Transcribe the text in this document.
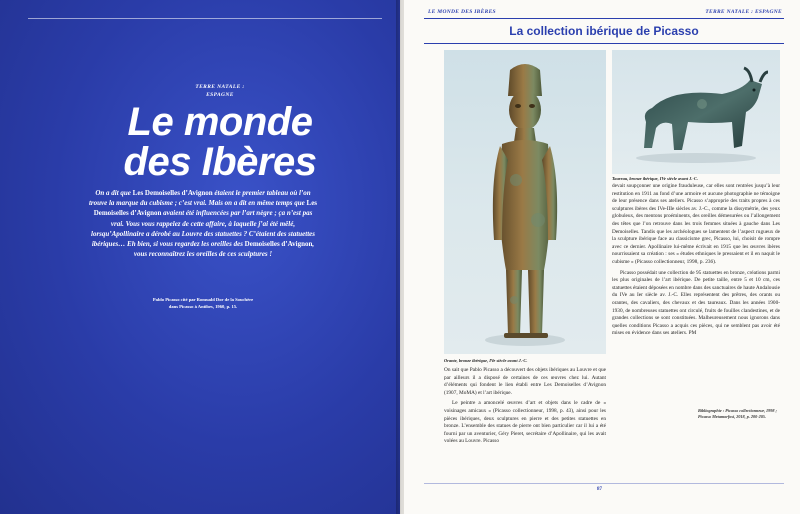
TERRE NATALE :
ESPAGNE
Le monde
des Ibères
On a dit que Les Demoiselles d’Avignon étaient le premier tableau où l’on trouve la marque du cubisme ; c’est vrai. Mais on a dit en même temps que Les Demoiselles d’Avignon avaient été influencées par l’art nègre ; ça n’est pas vrai. Vous vous rappelez de cette affaire, à laquelle j’ai été mêlé, lorsqu’Apollinaire a dérobé au Louvre des statuettes ? C’étaient des statuettes ibériques… Eh bien, si vous regardez les oreilles des Demoiselles d’Avignon, vous reconnaîtrez les oreilles de ces sculptures !
Pablo Picasso cité par Romuald Dor de la Souchère
dans Picasso à Antibes, 1960, p. 15.
LE MONDE DES IBÈRES	TERRE NATALE : ESPAGNE
La collection ibérique de Picasso
Orante, bronze ibérique, IVe siècle avant J.-C.
Taureau, bronze ibérique, IVe siècle avant J.-C.

On sait que Pablo Picasso a découvert des objets ibériques au Louvre et que par ailleurs il a disposé de certaines de ces œuvres chez lui. Autant d’éléments qui fondent le lien établi entre Les Demoiselles d’Avignon (1907, MoMA) et l’art ibérique.

Le peintre a amoncelé œuvres d’art et objets dans le cadre de « voisinages amicaux » (Picasso collectionneur, 1998, p. 43), ainsi pour les pièces ibériques, deux sculptures en pierre et des petites statuettes en bronze. L’ensemble des statues de pierre ont bien particulier car il lui a été fourni par un aventurier, Géry Pieret, secrétaire d’Apollinaire, qui les avait volées au Louvre. Picasso

devait soupçonner une origine frauduleuse, car elles sont rentrées jusqu’à leur restitution en 1911 au fond d’une armoire et aucune photographie ne témoigne de leur présence dans ses ateliers. Picasso s’approprie des traits propres à ces sculptures ibères des IVe-IIIe siècles av. J.-C., comme la dissymétrie, des yeux globuleux, des mentons proéminents, des oreilles démesurées ou l’allongement des têtes que l’on retrouve dans les trois femmes situées à gauche dans Les Demoiselles. Tandis que les archéologues se lamentent de l’aspect rugueux de la sculpture ibérique face au classicisme grec, Picasso, lui, choisit de rompre avec ce dernier. Apollinaire lui-même écrivait en 1915 que les œuvres ibères nourrissaient sa création : ses « études ethniques le pressaient et il en naquit le cubisme » (Picasso collectionneur, 1998, p. 236).

Picasso possédait une collection de 95 statuettes en bronze, créations parmi les plus originales de l’art ibérique. De petite taille, entre 5 et 10 cm, ces statuettes étaient déposées en nombre dans des sanctuaires de haute Andalousie du IVe au Ier siècle av. J.-C. Elles représentent des prêtres, des orants ou orantes, des cavaliers, des chevaux et des taureaux. Dans les années 1900-1930, de nombreuses statuettes ont circulé, fruits de fouilles clandestines, et de grandes collections se sont constituées. Malheureusement nous ignorons dans quelles conditions Picasso a acquis ces pièces, qui ne semblent pas avoir été mises en évidence dans ses ateliers. PM

Bibliographie : Picasso collectionneur, 1998 ; Picasso Metamorfosi, 2018, p. 200-205.
87
